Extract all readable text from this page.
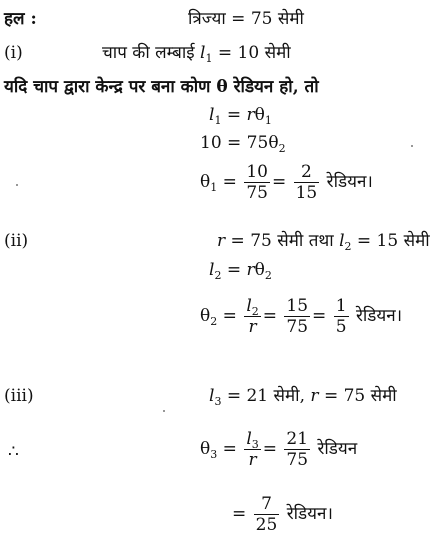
हल :	त्रिज्या = 75 सेमी
(i)	चाप की लम्बाई $l_1 = 10$ सेमी
यदि चाप द्वारा केन्द्र पर बना कोण θ रेडियन हो, तो
$l_1 = r\theta_1$
$10 = 75\theta_2$
$\theta_1 = \frac{10}{75} = \frac{2}{15}$ रेडियन।
(ii)	r = 75 सेमी तथा $l_2 = 15$ सेमी
$l_2 = r\theta_2$
$\theta_2 = \frac{l_2}{r} = \frac{15}{75} = \frac{1}{5}$ रेडियन।
(iii)	$l_3 = 21$ सेमी, r = 75 सेमी
∴	$\theta_3 = \frac{l_3}{r} = \frac{21}{75}$ रेडियन
= $\frac{7}{25}$ रेडियन।
